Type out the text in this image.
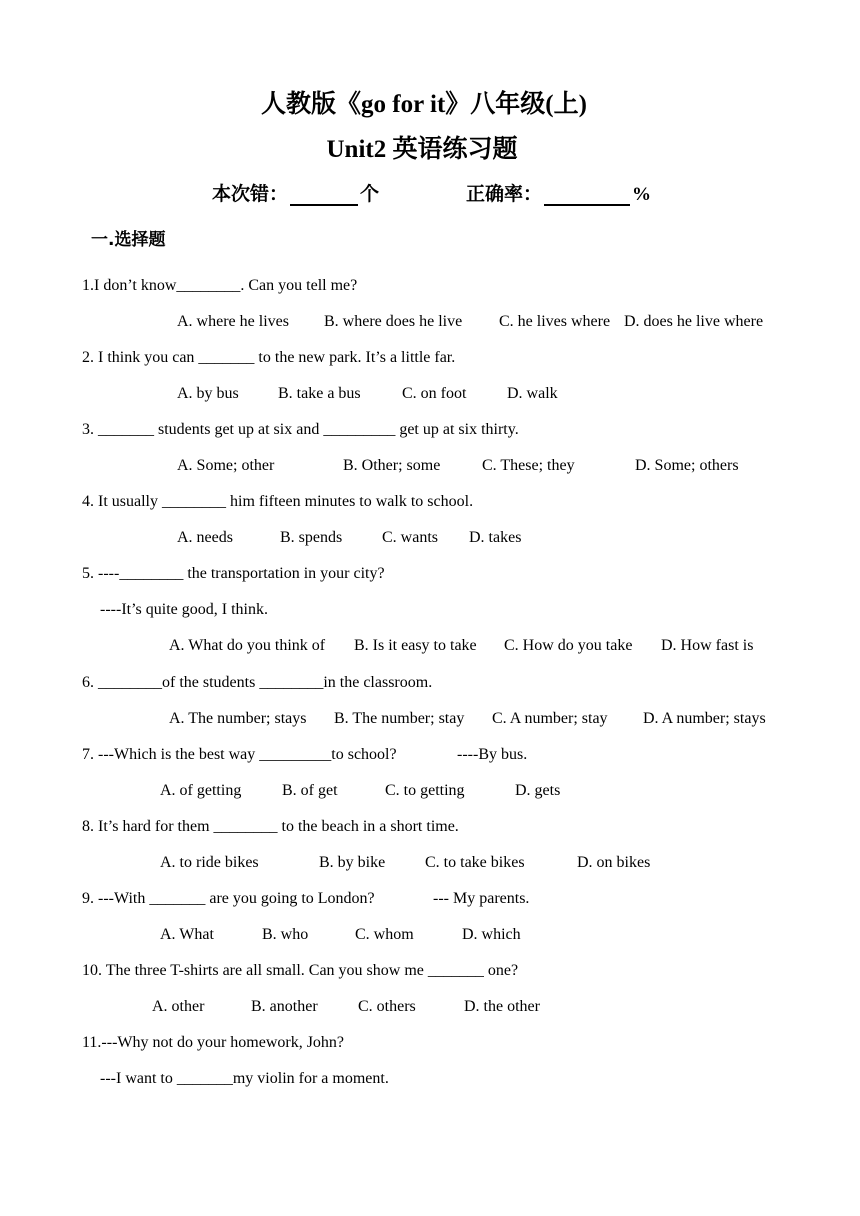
人教版《go for it》八年级(上)
Unit2 英语练习题
本次错：	个	正确率：	%
一.选择题
1.I don’t know________. Can you tell me?
A. where he lives B. where does he live C. he lives where D. does he live where
2. I think you can _______ to the new park. It’s a little far.
A. by bus B. take a bus	C. on foot	D. walk
3. _______ students get up at six and _________ get up at six thirty.
A. Some; other	B. Other; some	C. These; they	D. Some; others
4. It usually ________ him fifteen minutes to walk to school.
A. needs	B. spends C. wants D. takes
5. ----________ the transportation in your city?
----It’s quite good, I think.
A. What do you think of B. Is it easy to take C. How do you take D. How fast is
6. ________of the students ________in the classroom.
A. The number; stays B. The number; stay C. A number; stay D. A number; stays
7. ---Which is the best way _________to school?	----By bus.
A. of getting	B. of get	C. to getting	D. gets
8. It’s hard for them ________ to the beach in a short time.
A. to ride bikes	B. by bike C. to take bikes	D. on bikes
9. ---With _______ are you going to London?	--- My parents.
A. What	B. who	C. whom	D. which
10. The three T-shirts are all small. Can you show me _______ one?
A. other	B. another	C. others	D. the other
11.---Why not do your homework, John?
---I want to _______my violin for a moment.
